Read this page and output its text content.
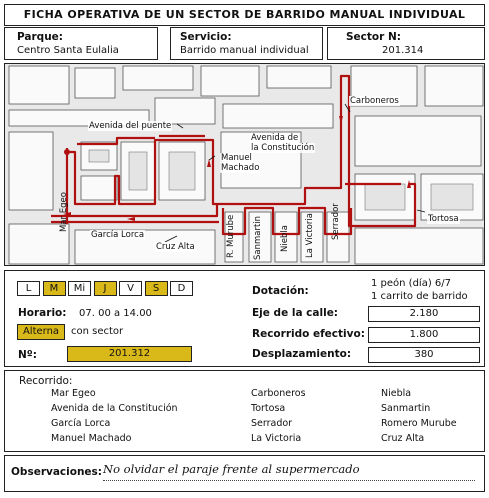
FICHA OPERATIVA DE UN SECTOR DE BARRIDO MANUAL INDIVIDUAL
Parque:
Centro Santa Eulalia
Servicio:
Barrido manual individual
Sector N:
201.314
Carboneros
Avenida del puente
Avenida de
la Constitución
Manuel
Machado
Tortosa
García Lorca
Cruz Alta
Mar Egeo
R. Murube Sanmartin Niebla La Victoria Serrador
L	M	Mi	J	V	S	D
Horario: 07. 00 a 14.00
Alterna	con sector
Nº:	201.312
Dotación:
1 peón (día) 6/7
1 carrito de barrido
Eje de la calle:	2.180
Recorrido efectivo:	1.800
Desplazamiento:	380
Recorrido:
Mar Egeo
Avenida de la Constitución
García Lorca
Manuel Machado
Carboneros
Tortosa
Serrador
La Victoria
Niebla
Sanmartin
Romero Murube
Cruz Alta
Observaciones: No olvidar el paraje frente al supermercado
